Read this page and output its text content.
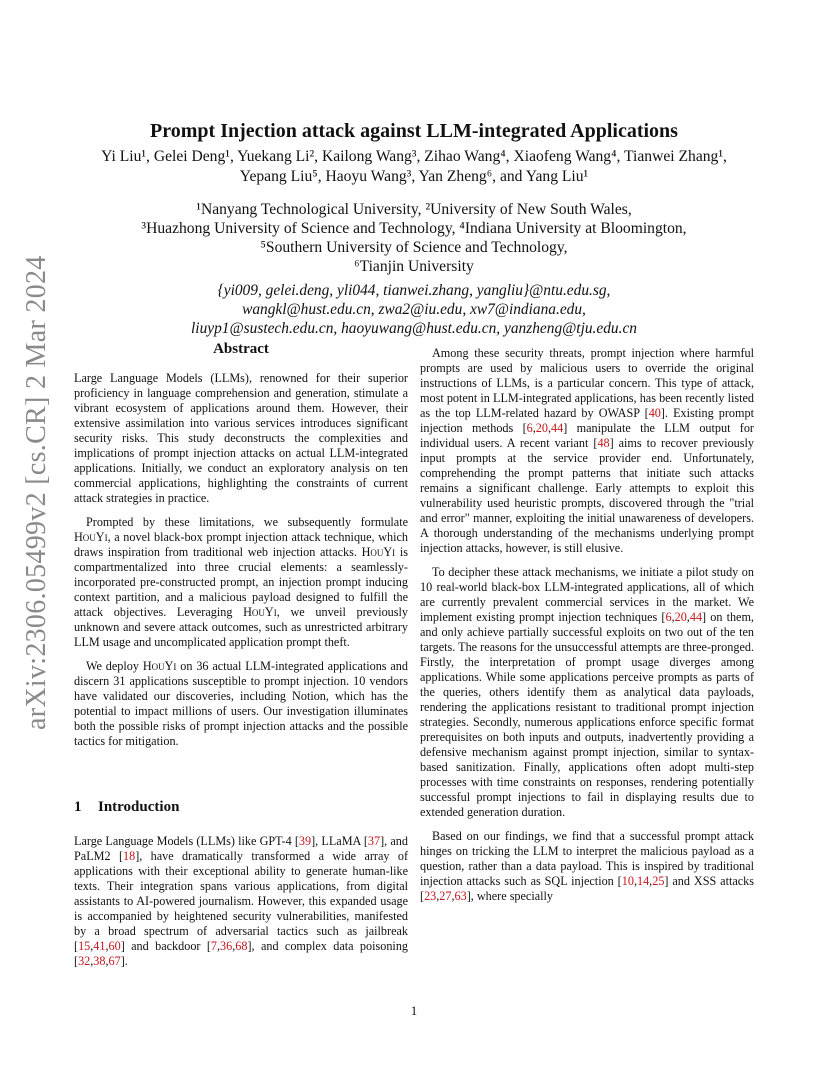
arXiv:2306.05499v2 [cs.CR] 2 Mar 2024
Prompt Injection attack against LLM-integrated Applications
Yi Liu¹, Gelei Deng¹, Yuekang Li², Kailong Wang³, Zihao Wang⁴, Xiaofeng Wang⁴, Tianwei Zhang¹,
Yepang Liu⁵, Haoyu Wang³, Yan Zheng⁶, and Yang Liu¹
¹Nanyang Technological University, ²University of New South Wales,
³Huazhong University of Science and Technology, ⁴Indiana University at Bloomington,
⁵Southern University of Science and Technology,
⁶Tianjin University
{yi009, gelei.deng, yli044, tianwei.zhang, yangliu}@ntu.edu.sg,
wangkl@hust.edu.cn, zwa2@iu.edu, xw7@indiana.edu,
liuyp1@sustech.edu.cn, haoyuwang@hust.edu.cn, yanzheng@tju.edu.cn
Abstract

Large Language Models (LLMs), renowned for their superior proficiency in language comprehension and generation, stimulate a vibrant ecosystem of applications around them. However, their extensive assimilation into various services introduces significant security risks. This study deconstructs the complexities and implications of prompt injection attacks on actual LLM-integrated applications. Initially, we conduct an exploratory analysis on ten commercial applications, highlighting the constraints of current attack strategies in practice.

Prompted by these limitations, we subsequently formulate HouYi, a novel black-box prompt injection attack technique, which draws inspiration from traditional web injection attacks. HouYi is compartmentalized into three crucial elements: a seamlessly-incorporated pre-constructed prompt, an injection prompt inducing context partition, and a malicious payload designed to fulfill the attack objectives. Leveraging HouYi, we unveil previously unknown and severe attack outcomes, such as unrestricted arbitrary LLM usage and uncomplicated application prompt theft.

We deploy HouYi on 36 actual LLM-integrated applications and discern 31 applications susceptible to prompt injection. 10 vendors have validated our discoveries, including Notion, which has the potential to impact millions of users. Our investigation illuminates both the possible risks of prompt injection attacks and the possible tactics for mitigation.

1 Introduction

Large Language Models (LLMs) like GPT-4 [39], LLaMA [37], and PaLM2 [18], have dramatically transformed a wide array of applications with their exceptional ability to generate human-like texts. Their integration spans various applications, from digital assistants to AI-powered journalism. However, this expanded usage is accompanied by heightened security vulnerabilities, manifested by a broad spectrum of adversarial tactics such as jailbreak [15,41,60] and backdoor [7,36,68], and complex data poisoning [32,38,67].

Among these security threats, prompt injection where harmful prompts are used by malicious users to override the original instructions of LLMs, is a particular concern. This type of attack, most potent in LLM-integrated applications, has been recently listed as the top LLM-related hazard by OWASP [40]. Existing prompt injection methods [6,20,44] manipulate the LLM output for individual users. A recent variant [48] aims to recover previously input prompts at the service provider end. Unfortunately, comprehending the prompt patterns that initiate such attacks remains a significant challenge. Early attempts to exploit this vulnerability used heuristic prompts, discovered through the "trial and error" manner, exploiting the initial unawareness of developers. A thorough understanding of the mechanisms underlying prompt injection attacks, however, is still elusive.

To decipher these attack mechanisms, we initiate a pilot study on 10 real-world black-box LLM-integrated applications, all of which are currently prevalent commercial services in the market. We implement existing prompt injection techniques [6,20,44] on them, and only achieve partially successful exploits on two out of the ten targets. The reasons for the unsuccessful attempts are three-pronged. Firstly, the interpretation of prompt usage diverges among applications. While some applications perceive prompts as parts of the queries, others identify them as analytical data payloads, rendering the applications resistant to traditional prompt injection strategies. Secondly, numerous applications enforce specific format prerequisites on both inputs and outputs, inadvertently providing a defensive mechanism against prompt injection, similar to syntax-based sanitization. Finally, applications often adopt multi-step processes with time constraints on responses, rendering potentially successful prompt injections to fail in displaying results due to extended generation duration.

Based on our findings, we find that a successful prompt attack hinges on tricking the LLM to interpret the malicious payload as a question, rather than a data payload. This is inspired by traditional injection attacks such as SQL injection [10,14,25] and XSS attacks [23,27,63], where specially

1
